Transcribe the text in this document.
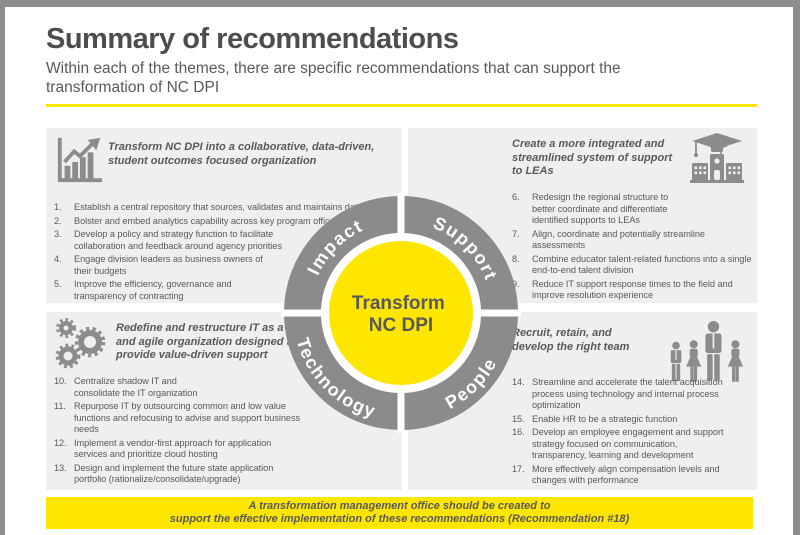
Summary of recommendations

Within each of the themes, there are specific recommendations that can support the transformation of NC DPI

Transform NC DPI into a collaborative, data-driven, student outcomes focused organization
1.	Establish a central repository that sources, validates and maintains data
2.	Bolster and embed analytics capability across key program offices
3.	Develop a policy and strategy function to facilitate collaboration and feedback around agency priorities
4.	Engage division leaders as business owners of their budgets
5.	Improve the efficiency, governance and transparency of contracting
Create a more integrated and streamlined system of support to LEAs
6.	Redesign the regional structure to better coordinate and differentiate identified supports to LEAs
7.	Align, coordinate and potentially streamline assessments
8.	Combine educator talent-related functions into a single end-to-end talent division
9.	Reduce IT support response times to the field and improve resolution experience
Redefine and restructure IT as a lean and agile organization designed to provide value-driven support
10. Centralize shadow IT and consolidate the IT organization
11. Repurpose IT by outsourcing common and low value functions and refocusing to advise and support business needs
12. Implement a vendor-first approach for application services and prioritize cloud hosting
13. Design and implement the future state application portfolio (rationalize/consolidate/upgrade)
Recruit, retain, and develop the right team
14. Streamline and accelerate the talent acquisition process using technology and internal process optimization
15. Enable HR to be a strategic function
16. Develop an employee engagement and support strategy focused on communication, transparency, learning and development
17. More effectively align compensation levels and changes with performance
Impact	Support
Technology	People
Transform NC DPI
A transformation management office should be created to
support the effective implementation of these recommendations (Recommendation #18)
